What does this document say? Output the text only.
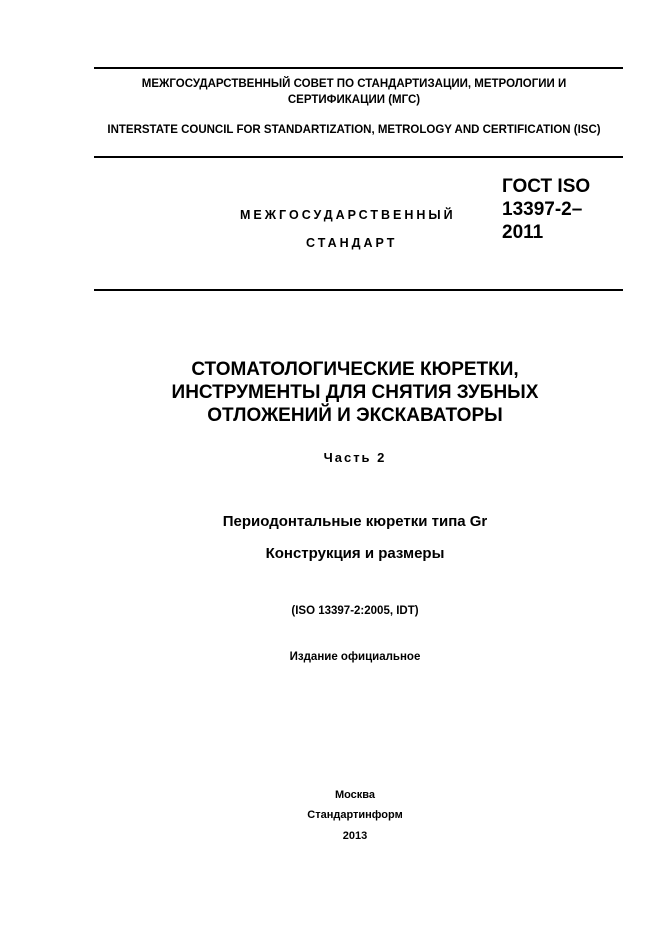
МЕЖГОСУДАРСТВЕННЫЙ СОВЕТ ПО СТАНДАРТИЗАЦИИ, МЕТРОЛОГИИ И СЕРТИФИКАЦИИ (МГС)
INTERSTATE COUNCIL FOR STANDARTIZATION, METROLOGY AND CERTIFICATION (ISC)
МЕЖГОСУДАРСТВЕННЫЙ
СТАНДАРТ
ГОСТ ISO
13397-2–
2011
СТОМАТОЛОГИЧЕСКИЕ КЮРЕТКИ,
ИНСТРУМЕНТЫ ДЛЯ СНЯТИЯ ЗУБНЫХ
ОТЛОЖЕНИЙ И ЭКСКАВАТОРЫ
Часть 2
Периодонтальные кюретки типа Gr
Конструкция и размеры
(ISO 13397-2:2005, IDT)
Издание официальное
Москва
Стандартинформ
2013
